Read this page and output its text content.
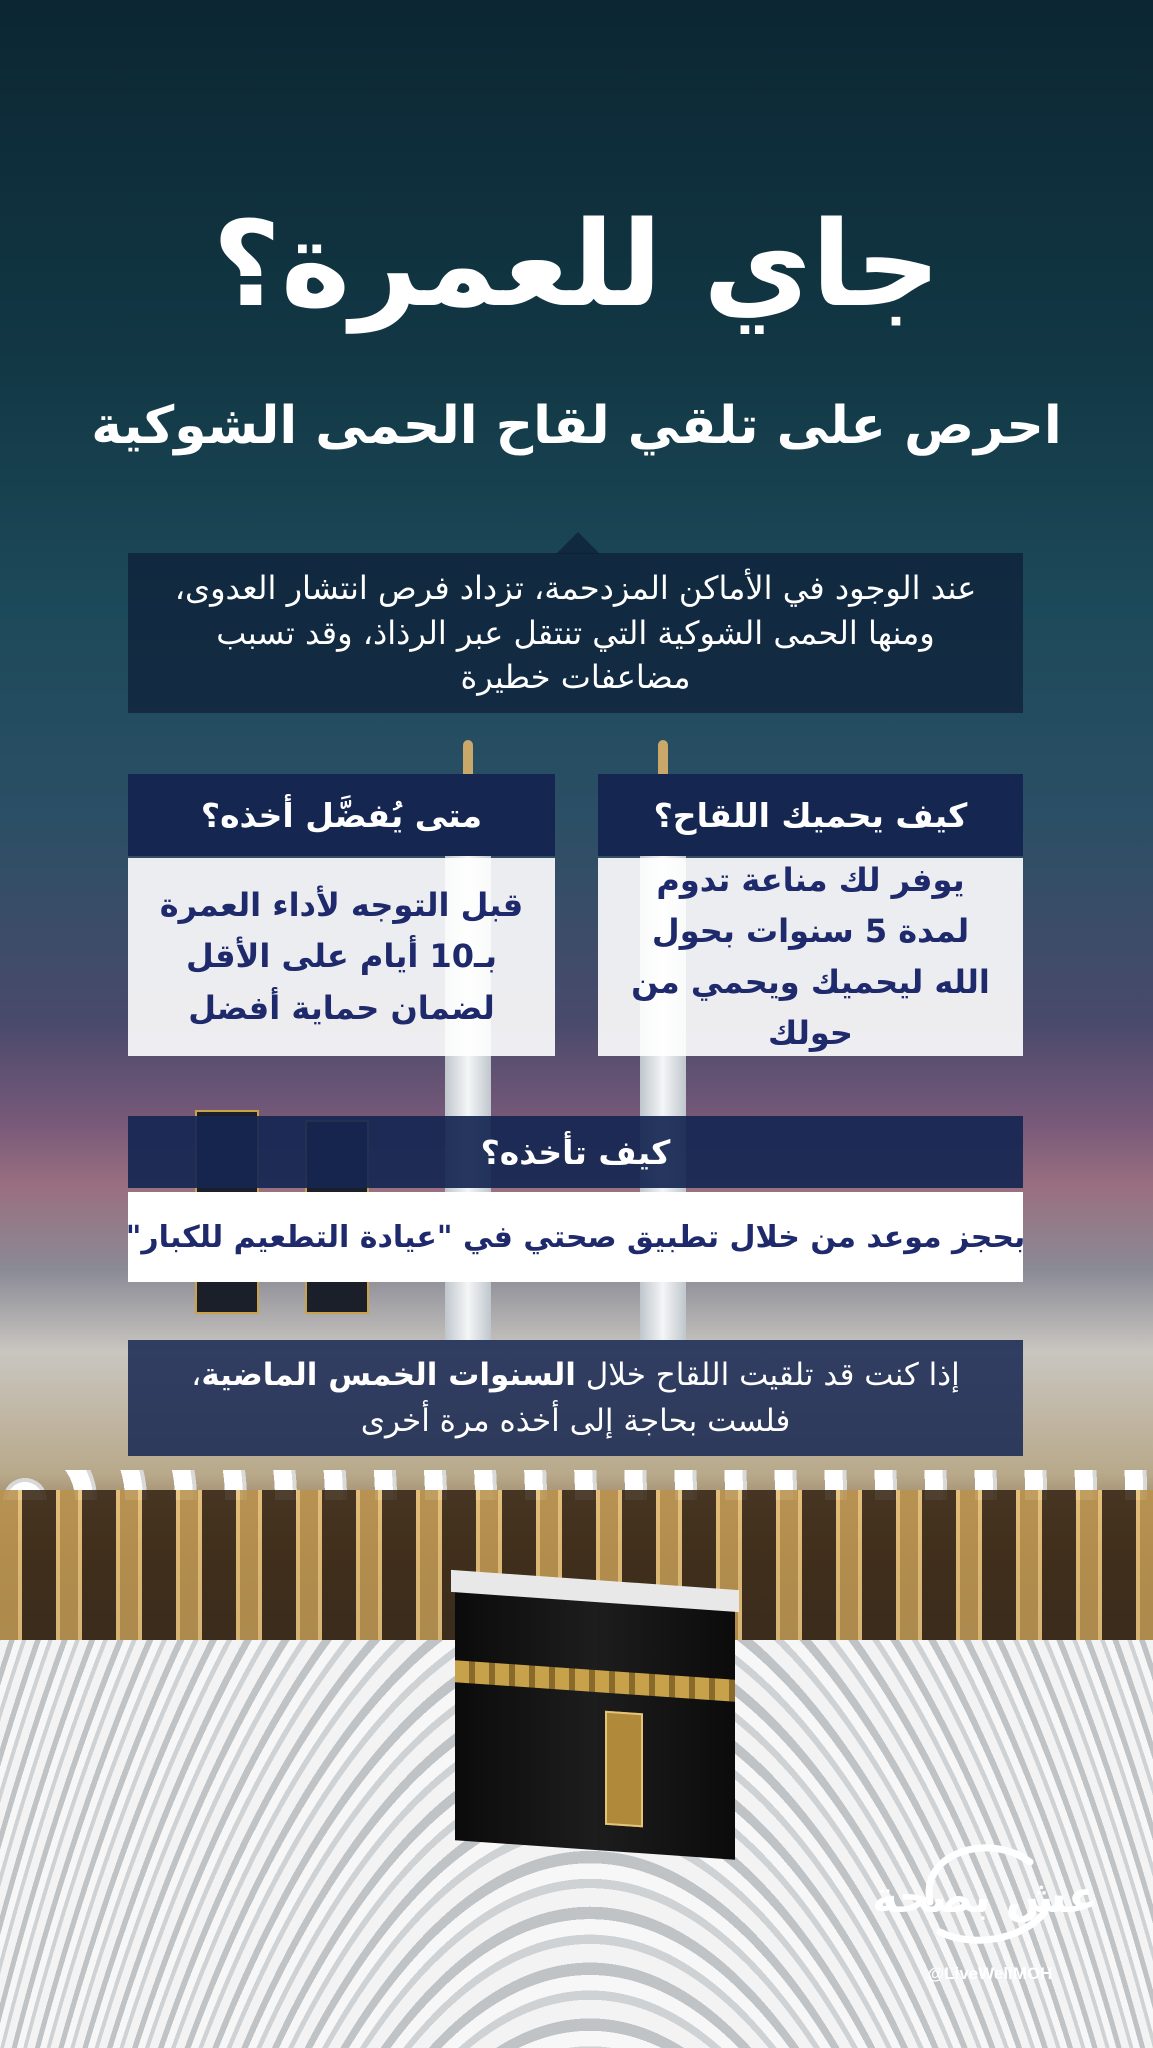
جاي للعمرة؟
احرص على تلقي لقاح الحمى الشوكية
عند الوجود في الأماكن المزدحمة، تزداد فرص انتشار العدوى، ومنها الحمى الشوكية التي تنتقل عبر الرذاذ، وقد تسبب مضاعفات خطيرة
كيف يحميك اللقاح؟
يوفر لك مناعة تدوم لمدة 5 سنوات بحول الله ليحميك ويحمي من حولك
متى يُفضَّل أخذه؟
قبل التوجه لأداء العمرة بـ10 أيام على الأقل لضمان حماية أفضل
كيف تأخذه؟
بحجز موعد من خلال تطبيق صحتي في "عيادة التطعيم للكبار"
إذا كنت قد تلقيت اللقاح خلال السنوات الخمس الماضية، فلست بحاجة إلى أخذه مرة أخرى
عش بصحة
@LiveWellMOH
